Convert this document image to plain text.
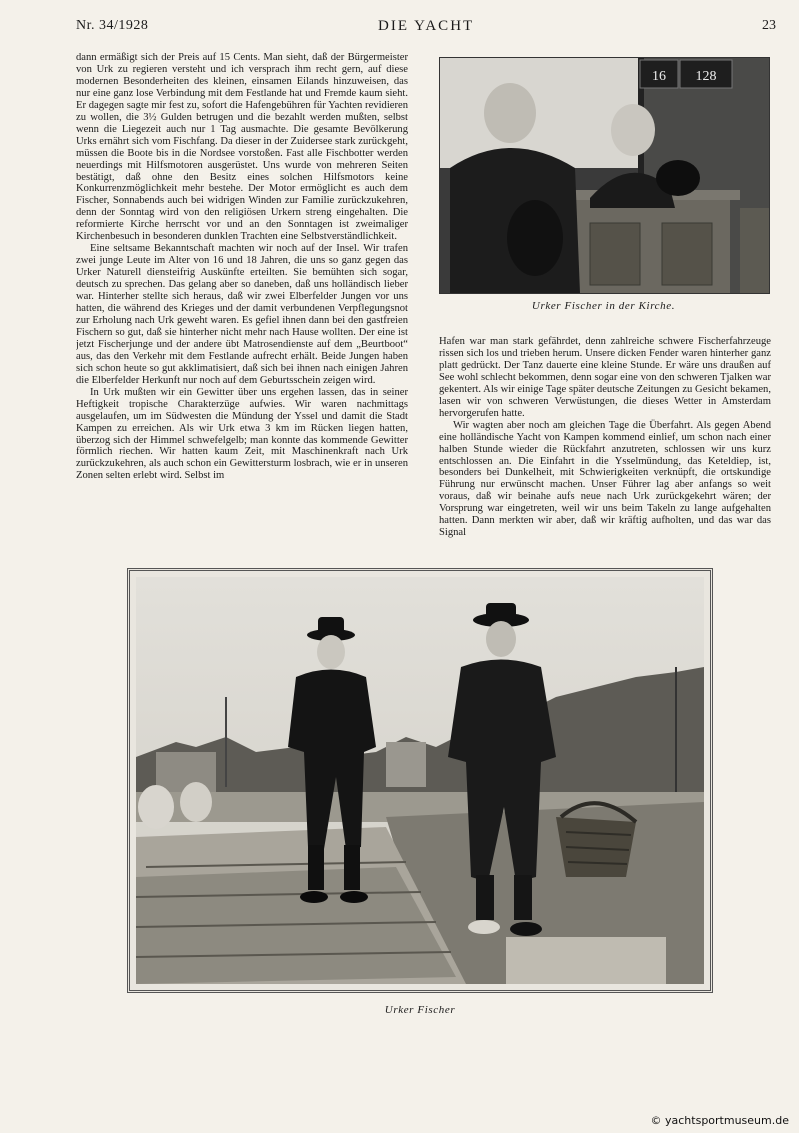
Nr. 34/1928	DIE YACHT	23

dann ermäßigt sich der Preis auf 15 Cents. Man sieht, daß der Bürgermeister von Urk zu regieren versteht und ich versprach ihm recht gern, auf diese modernen Besonderheiten des kleinen, einsamen Eilands hinzuweisen, das nur eine ganz lose Verbindung mit dem Festlande hat und Fremde kaum sieht. Er dagegen sagte mir fest zu, sofort die Hafengebühren für Yachten revidieren zu wollen, die 3½ Gulden betrugen und die bezahlt werden mußten, selbst wenn die Liegezeit auch nur 1 Tag ausmachte. Die gesamte Bevölkerung Urks ernährt sich vom Fischfang. Da dieser in der Zuidersee stark zurückgeht, müssen die Boote bis in die Nordsee vorstoßen. Fast alle Fischbotter werden neuerdings mit Hilfsmotoren ausgerüstet. Uns wurde von mehreren Seiten bestätigt, daß ohne den Besitz eines solchen Hilfsmotors keine Konkurrenzmöglichkeit mehr bestehe. Der Motor ermöglicht es auch dem Fischer, Sonnabends auch bei widrigen Winden zur Familie zurückzukehren, denn der Sonntag wird von den religiösen Urkern streng eingehalten. Die reformierte Kirche herrscht vor und an den Sonntagen ist zweimaliger Kirchenbesuch in besonderen dunklen Trachten eine Selbstverständlichkeit.

Eine seltsame Bekanntschaft machten wir noch auf der Insel. Wir trafen zwei junge Leute im Alter von 16 und 18 Jahren, die uns so ganz gegen das Urker Naturell diensteifrig Auskünfte erteilten. Sie bemühten sich sogar, deutsch zu sprechen. Das gelang aber so daneben, daß uns holländisch lieber war. Hinterher stellte sich heraus, daß wir zwei Elberfelder Jungen vor uns hatten, die während des Krieges und der damit verbundenen Verpflegungsnot zur Erholung nach Urk geweht waren. Es gefiel ihnen dann bei den gastfreien Fischern so gut, daß sie hinterher nicht mehr nach Hause wollten. Der eine ist jetzt Fischerjunge und der andere übt Matrosendienste auf dem „Beurtboot“ aus, das den Verkehr mit dem Festlande aufrecht erhält. Beide Jungen haben sich schon heute so gut akklimatisiert, daß sich bei ihnen nach einigen Jahren die Elberfelder Herkunft nur noch auf dem Geburtsschein zeigen wird.

In Urk mußten wir ein Gewitter über uns ergehen lassen, das in seiner Heftigkeit tropische Charakterzüge aufwies. Wir waren nachmittags ausgelaufen, um im Südwesten die Mündung der Yssel und damit die Stadt Kampen zu erreichen. Als wir Urk etwa 3 km im Rücken liegen hatten, überzog sich der Himmel schwefelgelb; man konnte das kommende Gewitter förmlich riechen. Wir hatten kaum Zeit, mit Maschinenkraft nach Urk zurückzukehren, als auch schon ein Gewittersturm losbrach, wie er in unseren Zonen selten erlebt wird. Selbst im

16 128
Urker Fischer in der Kirche.

Hafen war man stark gefährdet, denn zahlreiche schwere Fischerfahrzeuge rissen sich los und trieben herum. Unsere dicken Fender waren hinterher ganz platt gedrückt. Der Tanz dauerte eine kleine Stunde. Er wäre uns draußen auf See wohl schlecht bekommen, denn sogar eine von den schweren Tjalken war gekentert. Als wir einige Tage später deutsche Zeitungen zu Gesicht bekamen, lasen wir von schweren Verwüstungen, die dieses Wetter in Amsterdam hervorgerufen hatte.

Wir wagten aber noch am gleichen Tage die Überfahrt. Als gegen Abend eine holländische Yacht von Kampen kommend einlief, um schon nach einer halben Stunde wieder die Rückfahrt anzutreten, schlossen wir uns kurz entschlossen an. Die Einfahrt in die Ysselmündung, das Keteldiep, ist, besonders bei Dunkelheit, mit Schwierigkeiten verknüpft, die ortskundige Führung nur erwünscht machen. Unser Führer lag aber anfangs so weit voraus, daß wir beinahe aufs neue nach Urk zurückgekehrt wären; der Vorsprung war eingetreten, weil wir uns beim Takeln zu lange aufgehalten hatten. Dann merkten wir aber, daß wir kräftig aufholten, und das war das Signal

Urker Fischer
© yachtsportmuseum.de
